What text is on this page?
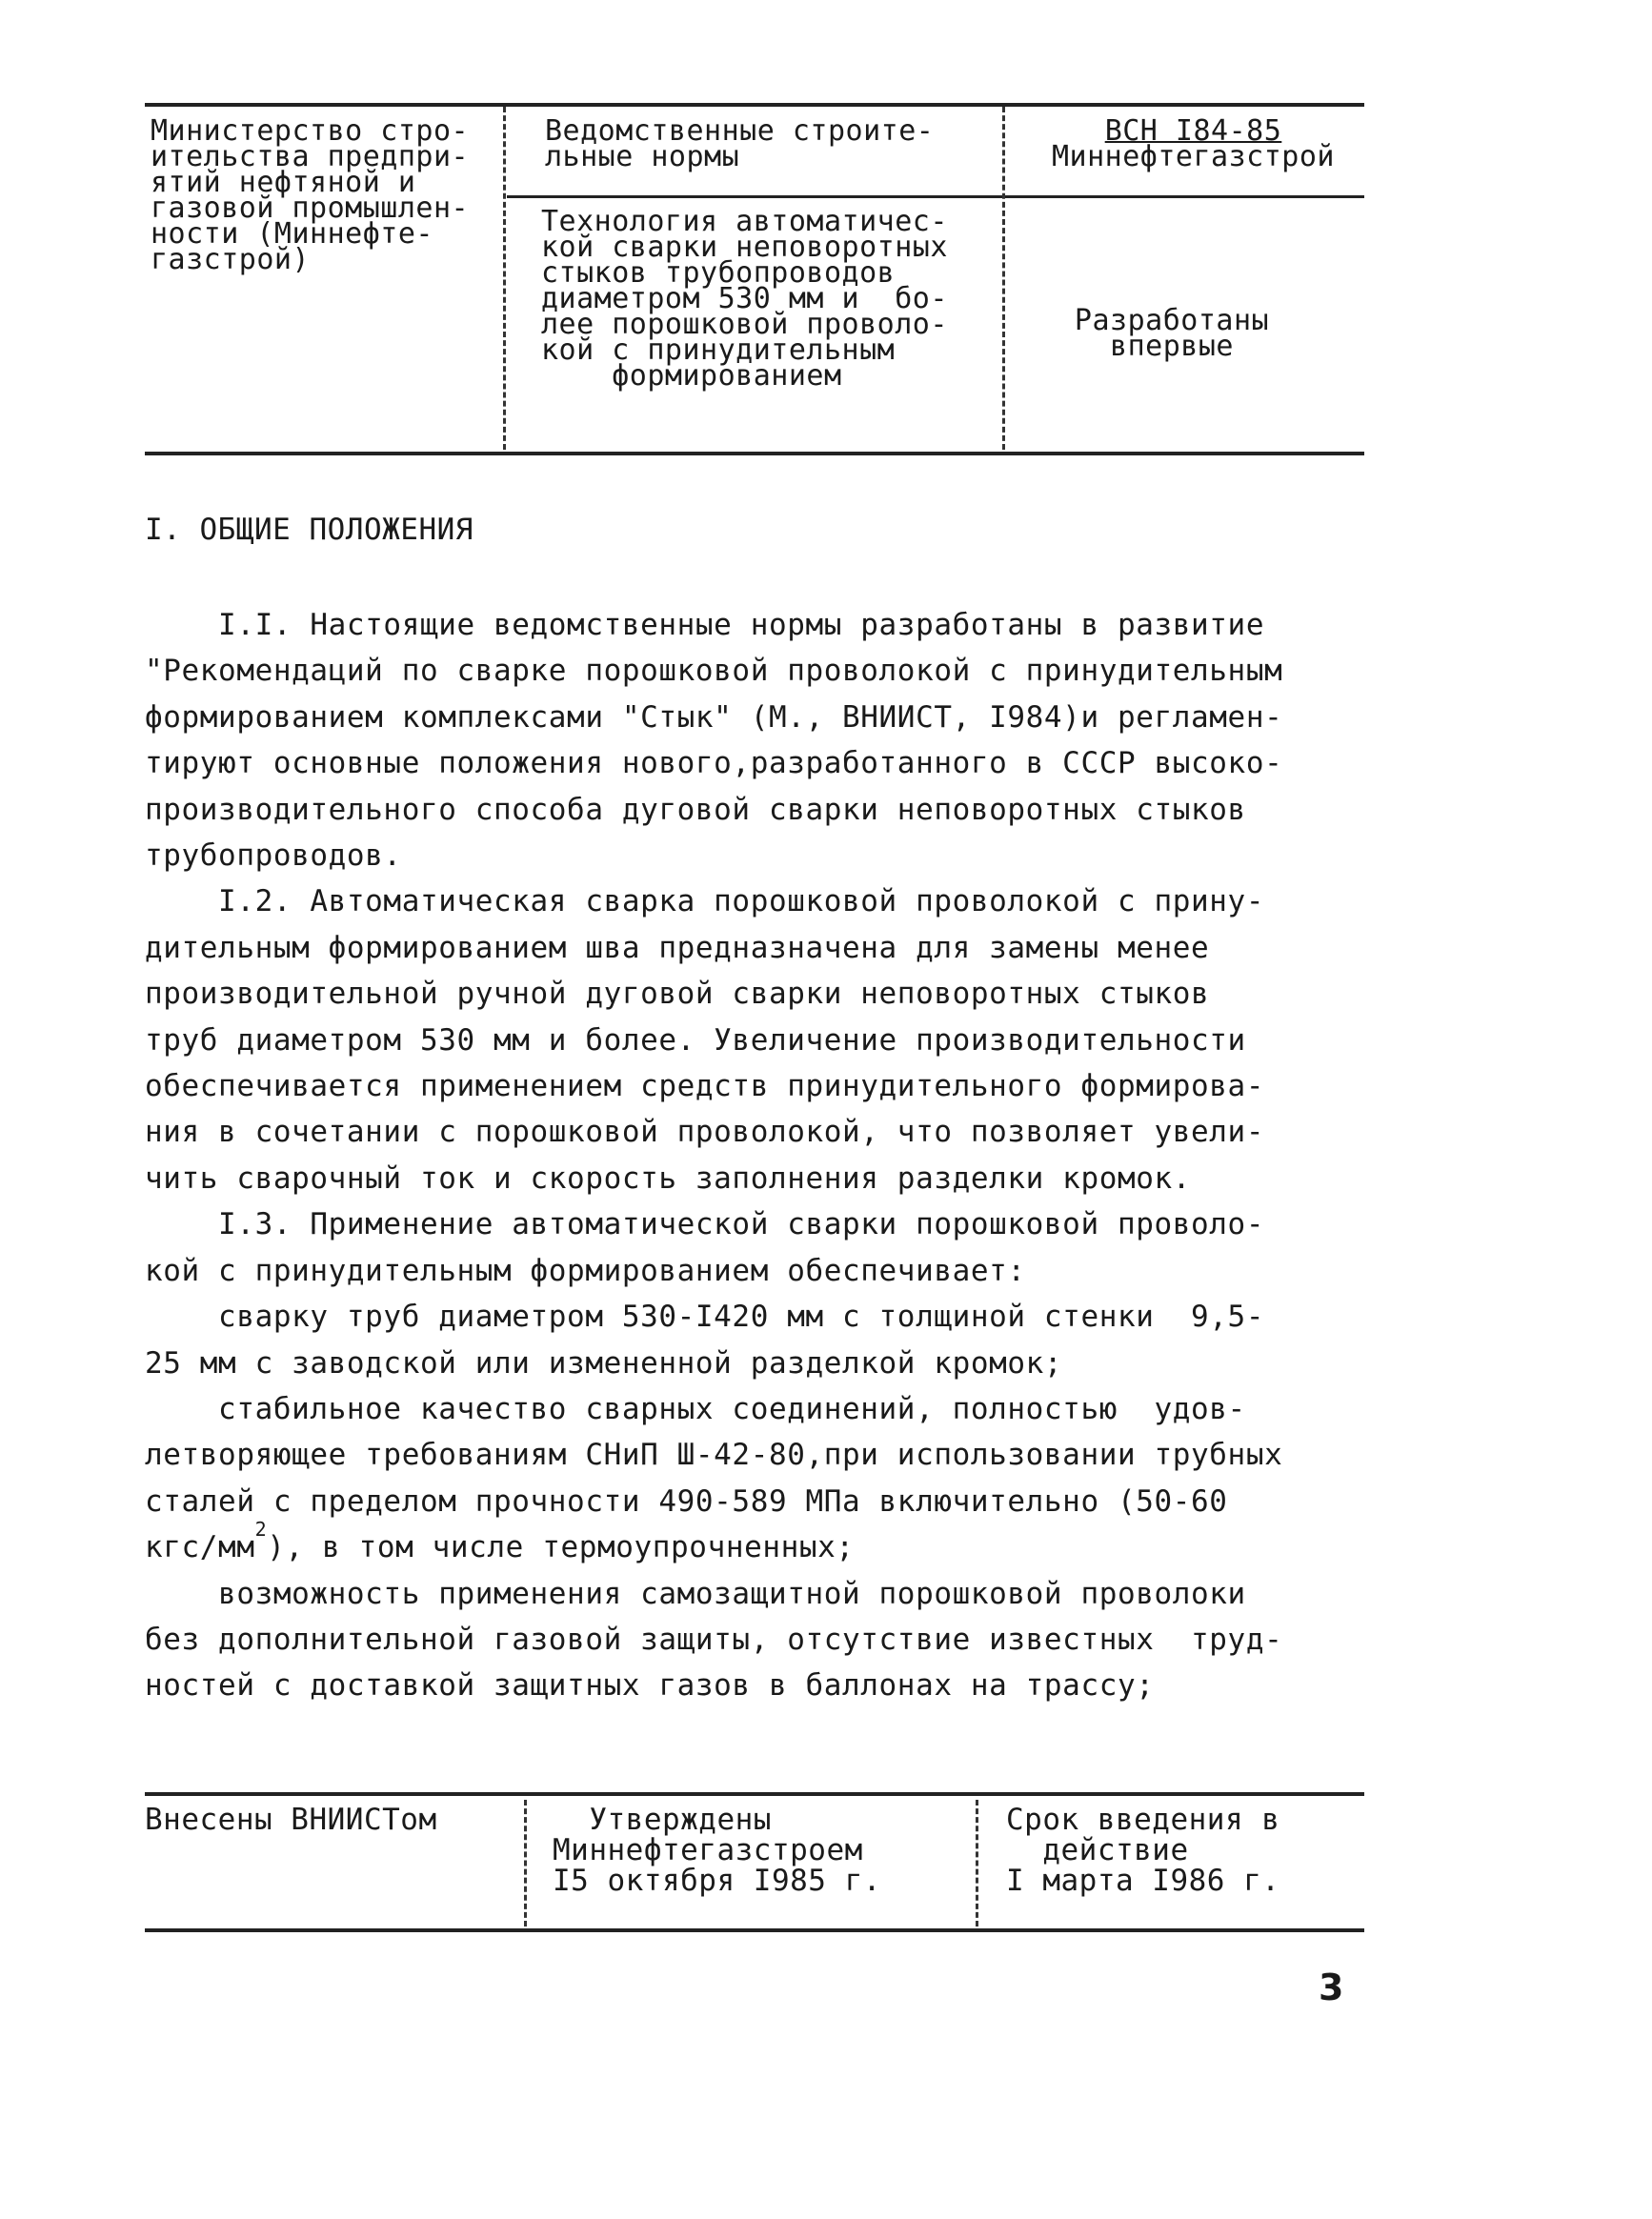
Министерство стро-
ительства предпри-
ятий нефтяной и
газовой промышлен-
ности (Миннефте-
газстрой)
Ведомственные строите-
льные нормы
ВСН I84-85
Миннефтегазстрой
Технология автоматичес-
кой сварки неповоротных
стыков трубопроводов
диаметром 530 мм и  бо-
лее порошковой проволо-
кой с принудительным
формированием
Разработаны
впервые
I. ОБЩИЕ ПОЛОЖЕНИЯ
I.I. Настоящие ведомственные нормы разработаны в развитие
"Рекомендаций по сварке порошковой проволокой с принудительным
формированием комплексами "Стык" (М., ВНИИСТ, I984)и регламен-
тируют основные положения нового,разработанного в СССР высоко-
производительного способа дуговой сварки неповоротных стыков
трубопроводов.
I.2. Автоматическая сварка порошковой проволокой с прину-
дительным формированием шва предназначена для замены менее
производительной ручной дуговой сварки неповоротных стыков
труб диаметром 530 мм и более. Увеличение производительности
обеспечивается применением средств принудительного формирова-
ния в сочетании с порошковой проволокой, что позволяет увели-
чить сварочный ток и скорость заполнения разделки кромок.
I.3. Применение автоматической сварки порошковой проволо-
кой с принудительным формированием обеспечивает:
сварку труб диаметром 530-I420 мм с толщиной стенки  9,5-
25 мм с заводской или измененной разделкой кромок;
стабильное качество сварных соединений, полностью  удов-
летворяющее требованиям СНиП Ш-42-80,при использовании трубных
сталей с пределом прочности 490-589 МПа включительно (50-60
кгс/$мм^2$), в том числе термоупрочненных;
возможность применения самозащитной порошковой проволоки
без дополнительной газовой защиты, отсутствие известных  труд-
ностей с доставкой защитных газов в баллонах на трассу;
Внесены ВНИИСТом	Утверждены
Миннефтегазстроем
I5 октября I985 г.
Срок введения в
действие
I марта I986 г.
3
